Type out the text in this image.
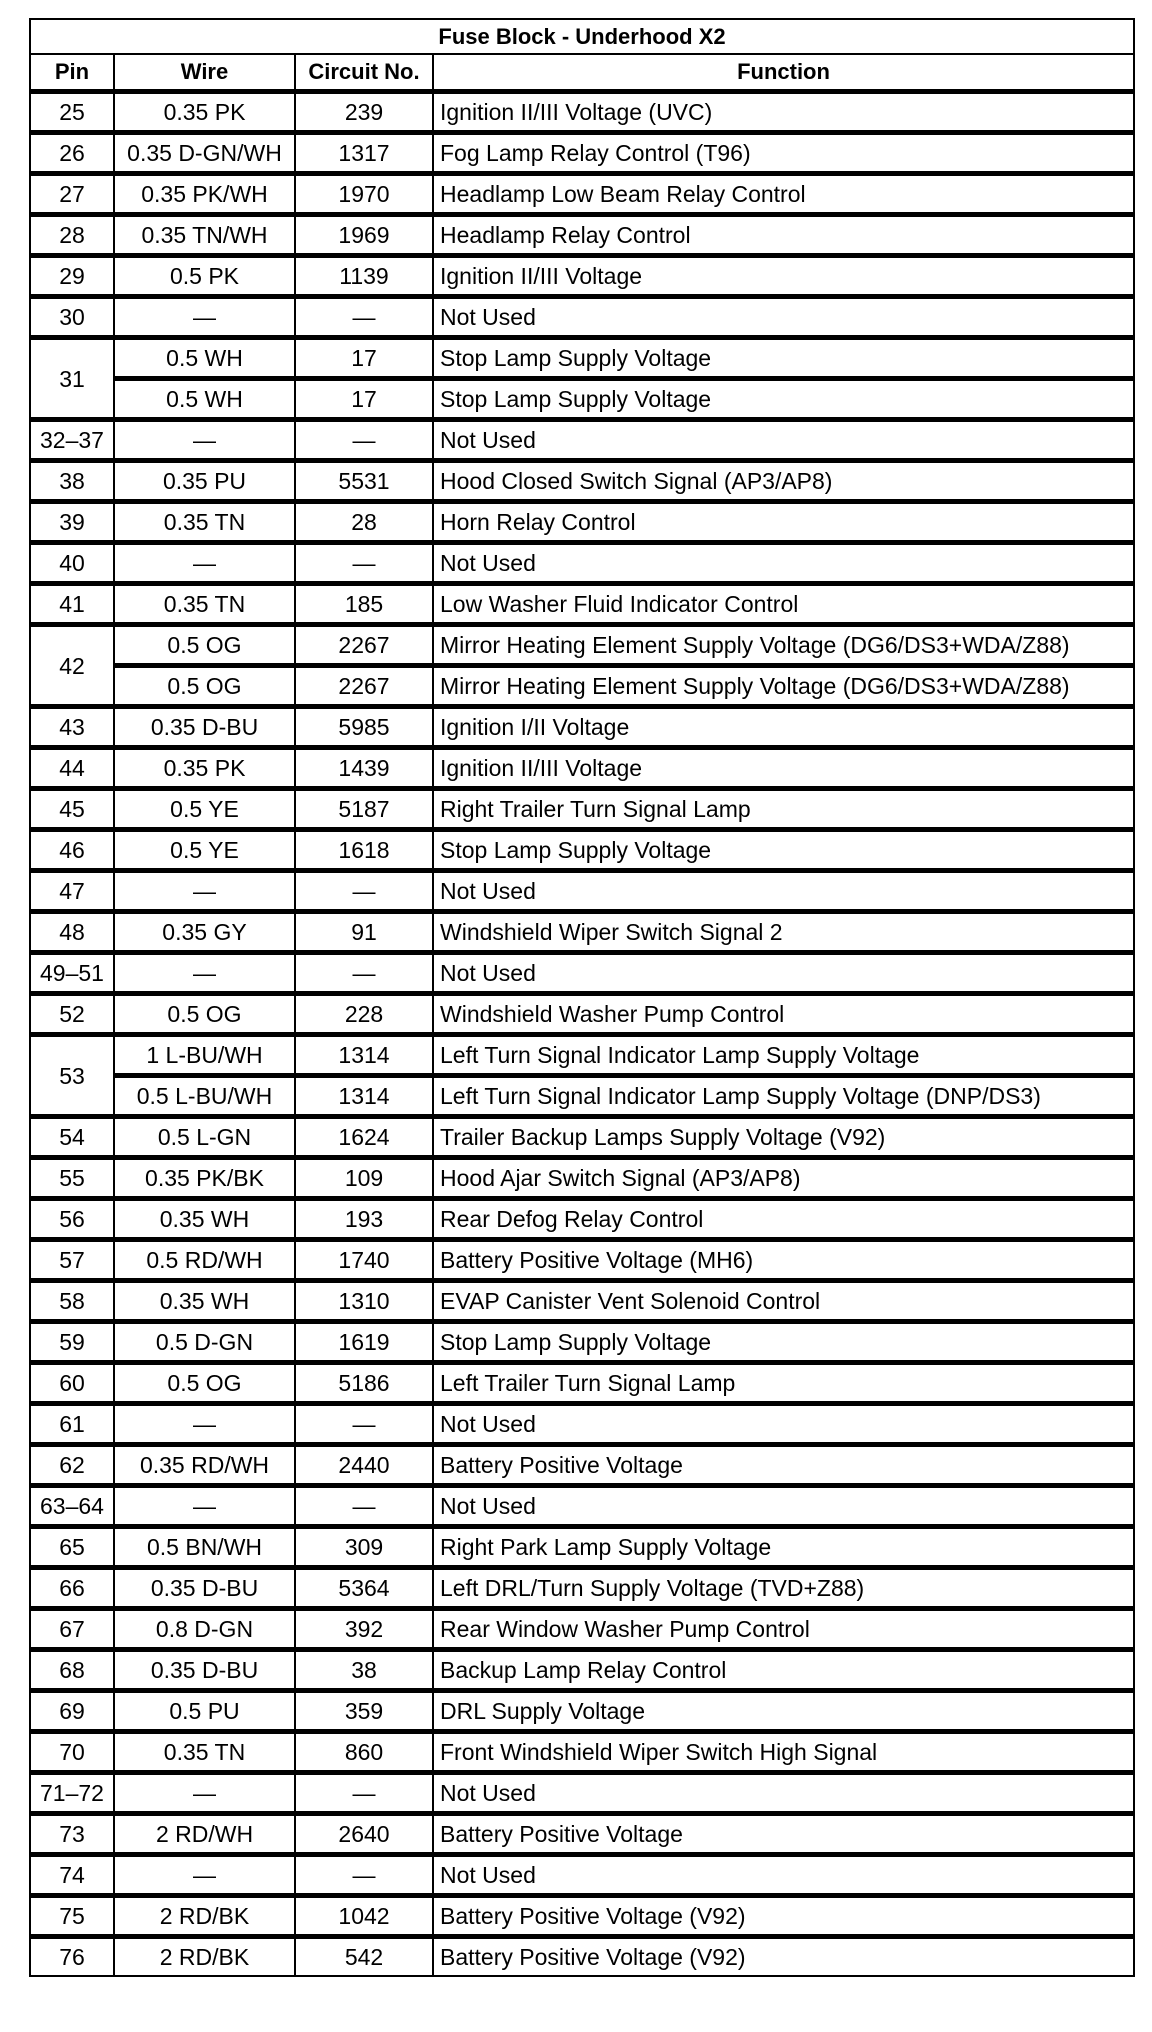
Fuse Block - Underhood X2			
Pin	Wire	Circuit No.	Function
25	0.35 PK	239	Ignition II/III Voltage (UVC)
26	0.35 D-GN/WH	1317	Fog Lamp Relay Control (T96)
27	0.35 PK/WH	1970	Headlamp Low Beam Relay Control
28	0.35 TN/WH	1969	Headlamp Relay Control
29	0.5 PK	1139	Ignition II/III Voltage
30	—	—	Not Used
31	0.5 WH	17	Stop Lamp Supply Voltage
	0.5 WH	17	Stop Lamp Supply Voltage
32–37	—	—	Not Used
38	0.35 PU	5531	Hood Closed Switch Signal (AP3/AP8)
39	0.35 TN	28	Horn Relay Control
40	—	—	Not Used
41	0.35 TN	185	Low Washer Fluid Indicator Control
42	0.5 OG	2267	Mirror Heating Element Supply Voltage (DG6/DS3+WDA/Z88)
	0.5 OG	2267	Mirror Heating Element Supply Voltage (DG6/DS3+WDA/Z88)
43	0.35 D-BU	5985	Ignition I/II Voltage
44	0.35 PK	1439	Ignition II/III Voltage
45	0.5 YE	5187	Right Trailer Turn Signal Lamp
46	0.5 YE	1618	Stop Lamp Supply Voltage
47	—	—	Not Used
48	0.35 GY	91	Windshield Wiper Switch Signal 2
49–51	—	—	Not Used
52	0.5 OG	228	Windshield Washer Pump Control
53	1 L-BU/WH	1314	Left Turn Signal Indicator Lamp Supply Voltage
	0.5 L-BU/WH	1314	Left Turn Signal Indicator Lamp Supply Voltage (DNP/DS3)
54	0.5 L-GN	1624	Trailer Backup Lamps Supply Voltage (V92)
55	0.35 PK/BK	109	Hood Ajar Switch Signal (AP3/AP8)
56	0.35 WH	193	Rear Defog Relay Control
57	0.5 RD/WH	1740	Battery Positive Voltage (MH6)
58	0.35 WH	1310	EVAP Canister Vent Solenoid Control
59	0.5 D-GN	1619	Stop Lamp Supply Voltage
60	0.5 OG	5186	Left Trailer Turn Signal Lamp
61	—	—	Not Used
62	0.35 RD/WH	2440	Battery Positive Voltage
63–64	—	—	Not Used
65	0.5 BN/WH	309	Right Park Lamp Supply Voltage
66	0.35 D-BU	5364	Left DRL/Turn Supply Voltage (TVD+Z88)
67	0.8 D-GN	392	Rear Window Washer Pump Control
68	0.35 D-BU	38	Backup Lamp Relay Control
69	0.5 PU	359	DRL Supply Voltage
70	0.35 TN	860	Front Windshield Wiper Switch High Signal
71–72	—	—	Not Used
73	2 RD/WH	2640	Battery Positive Voltage
74	—	—	Not Used
75	2 RD/BK	1042	Battery Positive Voltage (V92)
76	2 RD/BK	542	Battery Positive Voltage (V92)
